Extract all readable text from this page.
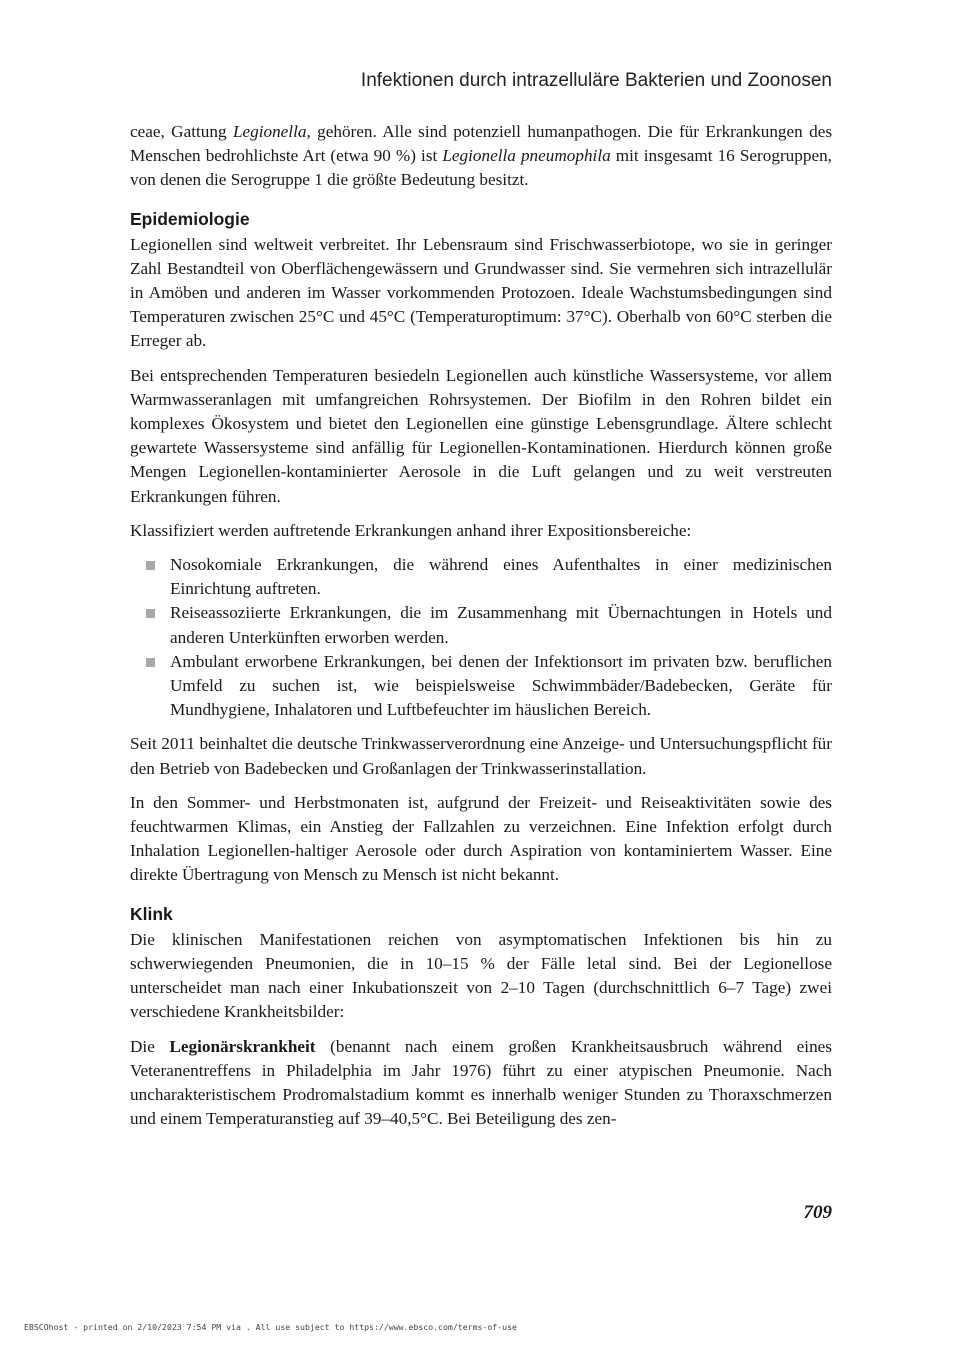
Infektionen durch intrazelluläre Bakterien und Zoonosen

ceae, Gattung Legionella, gehören. Alle sind potenziell humanpathogen. Die für Erkrankungen des Menschen bedrohlichste Art (etwa 90 %) ist Legionella pneumophila mit insgesamt 16 Serogruppen, von denen die Serogruppe 1 die größte Bedeutung besitzt.

Epidemiologie

Legionellen sind weltweit verbreitet. Ihr Lebensraum sind Frischwasserbiotope, wo sie in geringer Zahl Bestandteil von Oberflächengewässern und Grundwasser sind. Sie vermehren sich intrazellulär in Amöben und anderen im Wasser vorkommenden Protozoen. Ideale Wachstumsbedingungen sind Temperaturen zwischen 25°C und 45°C (Temperaturoptimum: 37°C). Oberhalb von 60°C sterben die Erreger ab.

Bei entsprechenden Temperaturen besiedeln Legionellen auch künstliche Wassersysteme, vor allem Warmwasseranlagen mit umfangreichen Rohrsystemen. Der Biofilm in den Rohren bildet ein komplexes Ökosystem und bietet den Legionellen eine günstige Lebensgrundlage. Ältere schlecht gewartete Wassersysteme sind anfällig für Legionellen-Kontaminationen. Hierdurch können große Mengen Legionellen-kontaminierter Aerosole in die Luft gelangen und zu weit verstreuten Erkrankungen führen.

Klassifiziert werden auftretende Erkrankungen anhand ihrer Expositionsbereiche:

Nosokomiale Erkrankungen, die während eines Aufenthaltes in einer medizinischen Einrichtung auftreten.
Reiseassoziierte Erkrankungen, die im Zusammenhang mit Übernachtungen in Hotels und anderen Unterkünften erworben werden.
Ambulant erworbene Erkrankungen, bei denen der Infektionsort im privaten bzw. beruflichen Umfeld zu suchen ist, wie beispielsweise Schwimmbäder/Badebecken, Geräte für Mundhygiene, Inhalatoren und Luftbefeuchter im häuslichen Bereich.

Seit 2011 beinhaltet die deutsche Trinkwasserverordnung eine Anzeige- und Untersuchungspflicht für den Betrieb von Badebecken und Großanlagen der Trinkwasserinstallation.

In den Sommer- und Herbstmonaten ist, aufgrund der Freizeit- und Reiseaktivitäten sowie des feuchtwarmen Klimas, ein Anstieg der Fallzahlen zu verzeichnen. Eine Infektion erfolgt durch Inhalation Legionellen-haltiger Aerosole oder durch Aspiration von kontaminiertem Wasser. Eine direkte Übertragung von Mensch zu Mensch ist nicht bekannt.

Klink

Die klinischen Manifestationen reichen von asymptomatischen Infektionen bis hin zu schwerwiegenden Pneumonien, die in 10–15 % der Fälle letal sind. Bei der Legionellose unterscheidet man nach einer Inkubationszeit von 2–10 Tagen (durchschnittlich 6–7 Tage) zwei verschiedene Krankheitsbilder:

Die Legionärskrankheit (benannt nach einem großen Krankheitsausbruch während eines Veteranentreffens in Philadelphia im Jahr 1976) führt zu einer atypischen Pneumonie. Nach uncharakteristischem Prodromalstadium kommt es innerhalb weniger Stunden zu Thoraxschmerzen und einem Temperaturanstieg auf 39–40,5°C. Bei Beteiligung des zen-

709
EBSCOhost - printed on 2/10/2023 7:54 PM via . All use subject to https://www.ebsco.com/terms-of-use
